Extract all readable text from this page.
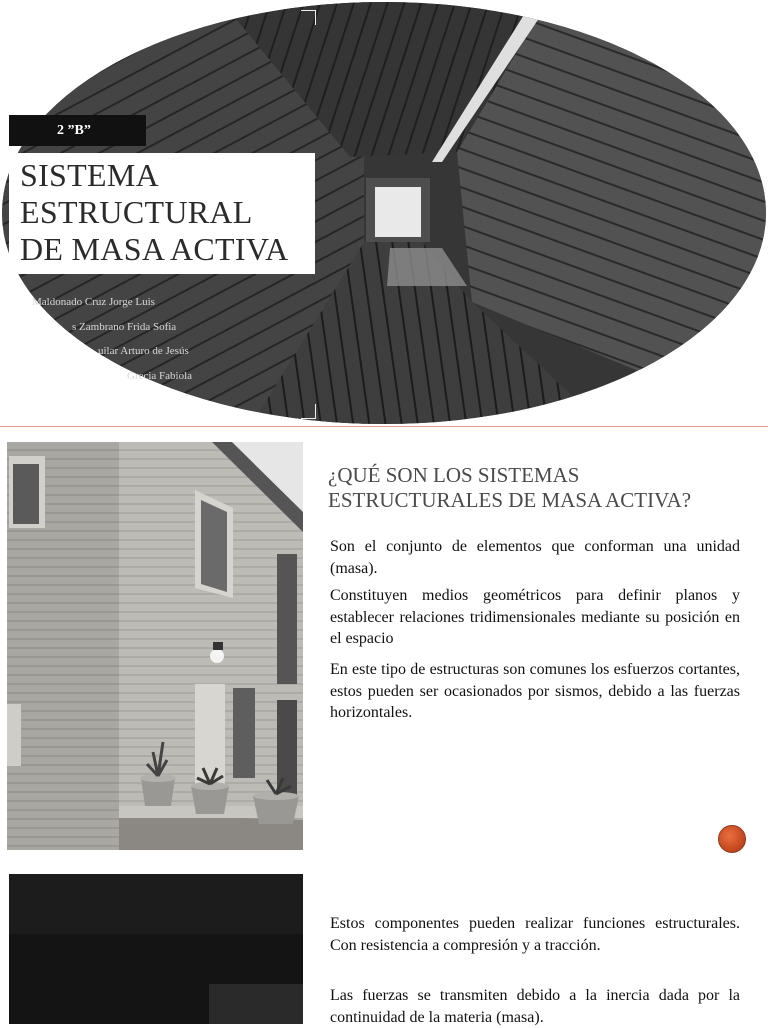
2 ”B”
SISTEMA
ESTRUCTURAL
DE MASA ACTIVA
Maldonado Cruz Jorge Luis
s Zambrano Frida Sofia
uilar Arturo de Jesús
Grecia Fabiola
¿QUÉ SON LOS SISTEMAS
ESTRUCTURALES DE MASA ACTIVA?

Son el conjunto de elementos que conforman una unidad (masa).

Constituyen medios geométricos para definir planos y establecer relaciones tridimensionales mediante su posición en el espacio

En este tipo de estructuras son comunes los esfuerzos cortantes, estos pueden ser ocasionados por sismos, debido a las fuerzas horizontales.

Estos componentes pueden realizar funciones estructurales. Con resistencia a compresión y a tracción.

Las fuerzas se transmiten debido a la inercia dada por la continuidad de la materia (masa).
